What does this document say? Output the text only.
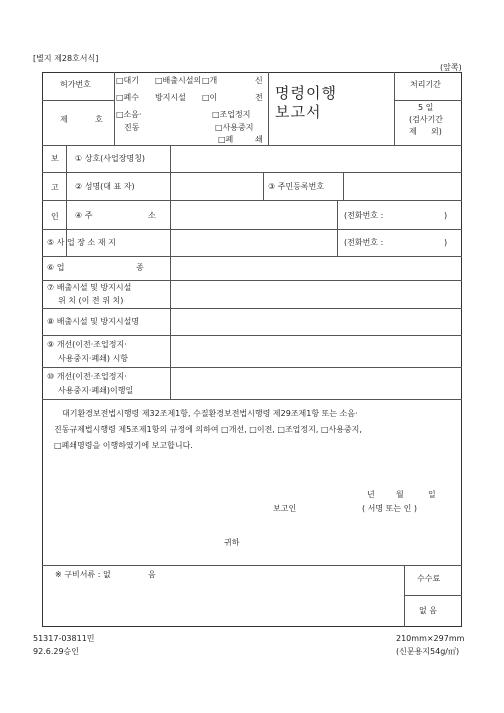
[별지 제28호서식]
(앞쪽)
허가번호
제	호
□대기 □배출시설의 □개	신
□폐수 방지시설 □이	전
□소음·
진동
□조업정지
□사용중지
□폐	쇄
명령이행
보고서
처리기간
5 일
(검사기간
제 외)
보
고
인
① 상호(사업장명칭)
② 성명(대 표 자)	③ 주민등록번호
④ 주	소	(전화번호 :	)
⑤ 사 업 장 소 재 지	(전화번호 :	)
⑥ 업	종
⑦ 배출시설 및 방지시설
위 치 (이 전 위 치)
⑧ 배출시설 및 방지시설명
⑨ 개선(이전·조업정지·
사용중지·폐쇄) 시항
⑩ 개선(이전·조업정지·
사용중지·폐쇄)이행일
대기환경보전법시행령 제32조제1항, 수질환경보전법시행령 제29조제1항 또는 소음·
진동규제법시행령 제5조제1항의 규정에 의하여 □개선, □이전, □조업정지, □사용중지,
□폐쇄명령을 이행하였기에 보고합니다.
년	월	일
보고인	( 서명 또는 인 )
귀하
※ 구비서류 : 없	음	수수료
없 음
51317-03811민
92.6.29승인
210mm×297mm
(신문용지54g/㎡)
